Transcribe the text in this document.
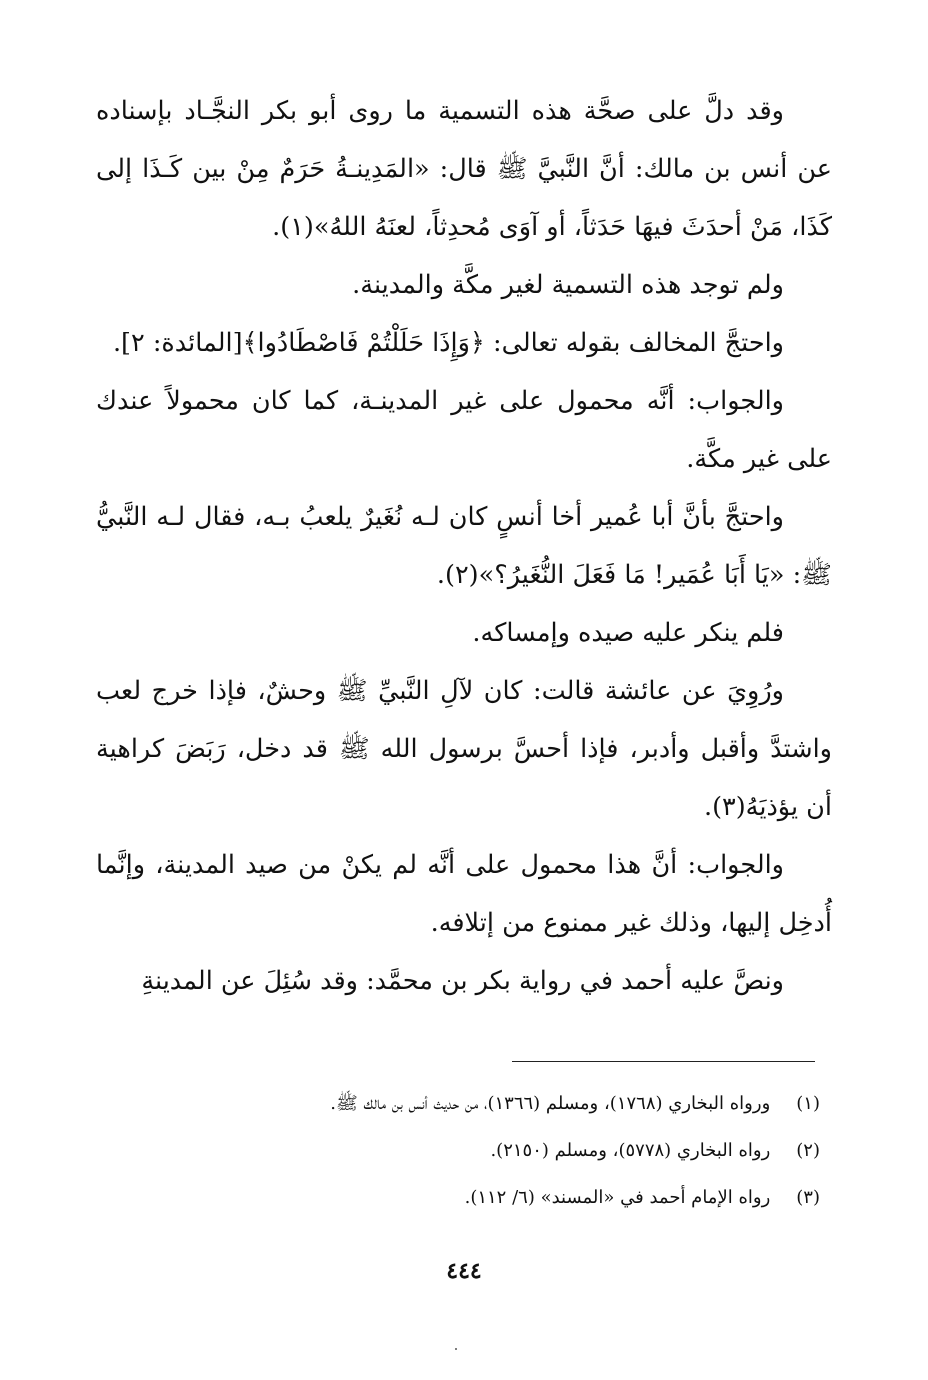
وقد دلَّ على صحَّة هذه التسمية ما روى أبو بكر النجَّـاد بإسناده عن أنس بن مالك: أنَّ النَّبيَّ ﷺ قال: «المَدِينـةُ حَرَمٌ مِنْ بين كَـذَا إلى كَذَا، مَنْ أحدَثَ فيهَا حَدَثاً، أو آوَى مُحدِثاً، لعنَهُ اللهُ»(١).

ولم توجد هذه التسمية لغير مكَّة والمدينة.

واحتجَّ المخالف بقوله تعالى: ﴿وَإِذَا حَلَلْتُمْ فَاصْطَادُوا﴾[المائدة: ٢].

والجواب: أنَّه محمول على غير المدينـة، كما كان محمولاً عندك على غير مكَّة.

واحتجَّ بأنَّ أبا عُمير أخا أنسٍ كان لـه نُغَيرٌ يلعبُ بـه، فقال لـه النَّبيُّ ﷺ: «يَا أَبَا عُمَير! مَا فَعَلَ النُّغَيرُ؟»(٢).

فلم ينكر عليه صيده وإمساكه.

ورُوِيَ عن عائشة قالت: كان لآلِ النَّبيِّ ﷺ وحشٌ، فإذا خرج لعب واشتدَّ وأقبل وأدبر، فإذا أحسَّ برسول الله ﷺ قد دخل، رَبَضَ كراهية أن يؤذيَهُ(٣).

والجواب: أنَّ هذا محمول على أنَّه لم يكنْ من صيد المدينة، وإنَّما أُدخِل إليها، وذلك غير ممنوع من إتلافه.

ونصَّ عليه أحمد في رواية بكر بن محمَّد: وقد سُئِلَ عن المدينةِ

(١) ورواه البخاري (١٧٦٨)، ومسلم (١٣٦٦)، من حديث أنس بن مالك ﷺ.

(٢) رواه البخاري (٥٧٧٨)، ومسلم (٢١٥٠).

(٣) رواه الإمام أحمد في «المسند» (٦/ ١١٢).

٤٤٤
